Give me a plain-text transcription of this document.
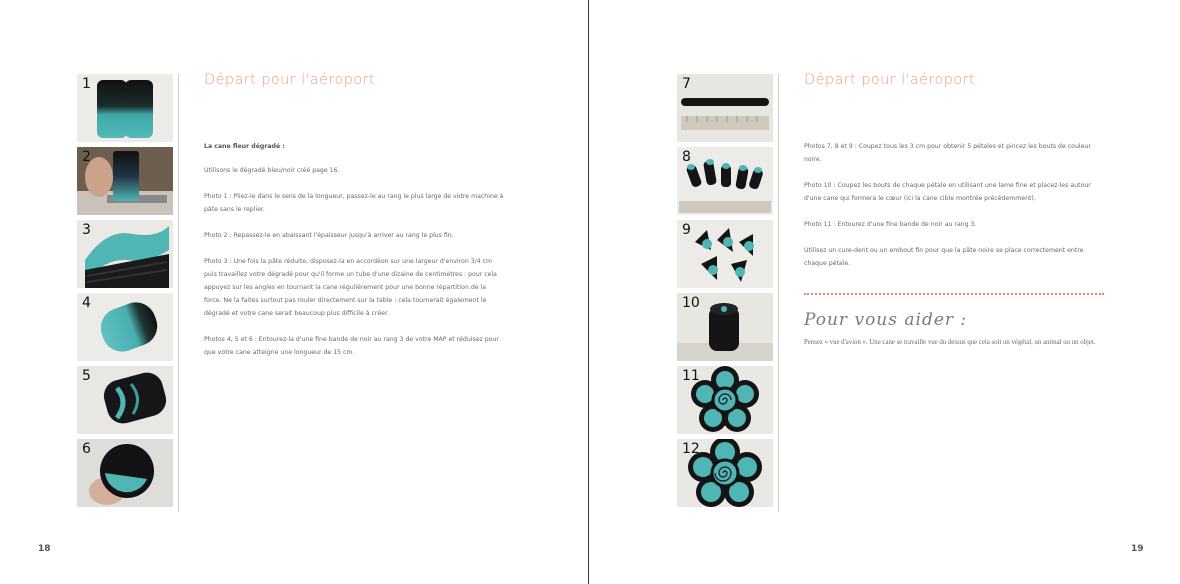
1
2
3
4
5
6
Départ pour l'aéroport

La cane fleur dégradé :

Utilisons le dégradé bleu/noir créé page 16.

Photo 1 : Pliez-le dans le sens de la longueur, passez-le au rang le plus large de votre machine à pâte sans le replier.

Photo 2 : Repassez-le en abaissant l'épaisseur jusqu'à arriver au rang le plus fin.

Photo 3 : Une fois la pâte réduite, disposez-la en accordéon sur une largeur d'environ 3/4 cm puis travaillez votre dégradé pour qu'il forme un tube d'une dizaine de centimètres : pour cela appuyez sur les angles en tournant la cane régulièrement pour une bonne répartition de la force. Ne la faites surtout pas rouler directement sur la table : cela tournerait également le dégradé et votre cane serait beaucoup plus difficile à créer.

Photos 4, 5 et 6 : Entourez-la d'une fine bande de noir au rang 3 de votre MAP et réduisez pour que votre cane atteigne une longueur de 15 cm.

18
7
8
9
10
11
12
Départ pour l'aéroport

Photos 7, 8 et 9 : Coupez tous les 3 cm pour obtenir 5 pétales et pincez les bouts de couleur noire.

Photo 10 : Coupez les bouts de chaque pétale en utilisant une lame fine et placez-les autour d'une cane qui formera le cœur (ici la cane cible montrée précédemment).

Photo 11 : Entourez d'une fine bande de noir au rang 3.

Utilisez un cure-dent ou un embout fin pour que la pâte noire se place correctement entre chaque pétale.

Pour vous aider :
Pensez « vue d'avion ». Une cane se travaille vue du dessus que cela soit un végétal, un animal ou un objet.
19
